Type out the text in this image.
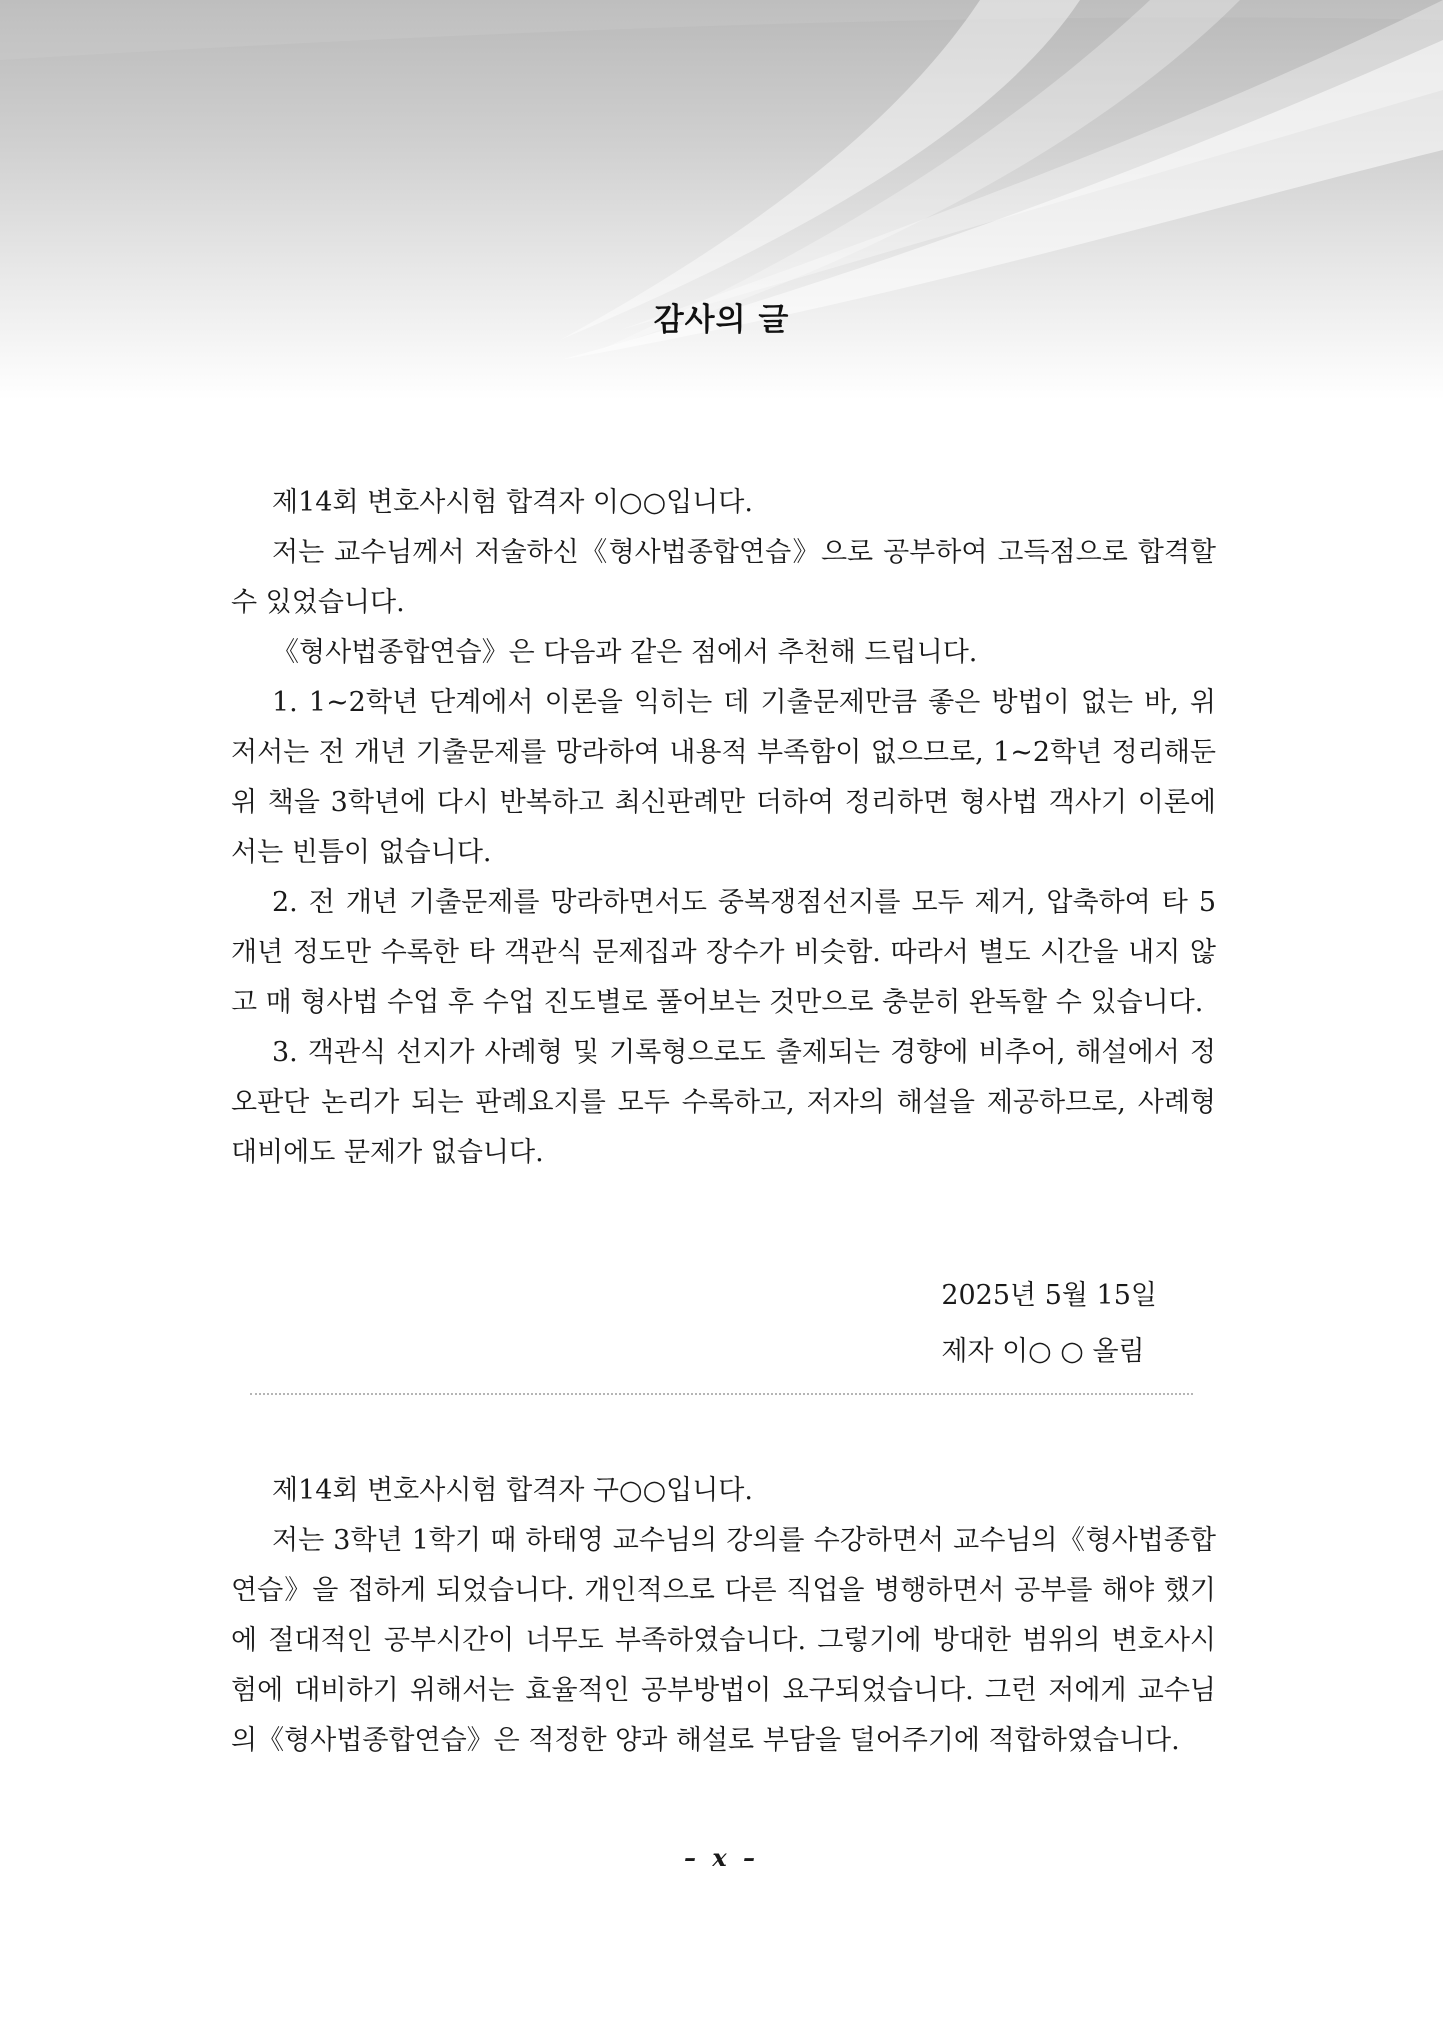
감사의 글

제14회 변호사시험 합격자 이○○입니다.

저는 교수님께서 저술하신《형사법종합연습》으로 공부하여 고득점으로 합격할 수 있었습니다.

《형사법종합연습》은 다음과 같은 점에서 추천해 드립니다.

1. 1~2학년 단계에서 이론을 익히는 데 기출문제만큼 좋은 방법이 없는 바, 위 저서는 전 개년 기출문제를 망라하여 내용적 부족함이 없으므로, 1~2학년 정리해둔 위 책을 3학년에 다시 반복하고 최신판례만 더하여 정리하면 형사법 객사기 이론에서는 빈틈이 없습니다.

2. 전 개년 기출문제를 망라하면서도 중복쟁점선지를 모두 제거, 압축하여 타 5개년 정도만 수록한 타 객관식 문제집과 장수가 비슷함. 따라서 별도 시간을 내지 않고 매 형사법 수업 후 수업 진도별로 풀어보는 것만으로 충분히 완독할 수 있습니다.

3. 객관식 선지가 사례형 및 기록형으로도 출제되는 경향에 비추어, 해설에서 정오판단 논리가 되는 판례요지를 모두 수록하고, 저자의 해설을 제공하므로, 사례형 대비에도 문제가 없습니다.

2025년 5월 15일
제자 이○ ○ 올림

제14회 변호사시험 합격자 구○○입니다.

저는 3학년 1학기 때 하태영 교수님의 강의를 수강하면서 교수님의《형사법종합연습》을 접하게 되었습니다. 개인적으로 다른 직업을 병행하면서 공부를 해야 했기에 절대적인 공부시간이 너무도 부족하였습니다. 그렇기에 방대한 범위의 변호사시험에 대비하기 위해서는 효율적인 공부방법이 요구되었습니다. 그런 저에게 교수님의《형사법종합연습》은 적정한 양과 해설로 부담을 덜어주기에 적합하였습니다.

– x –
